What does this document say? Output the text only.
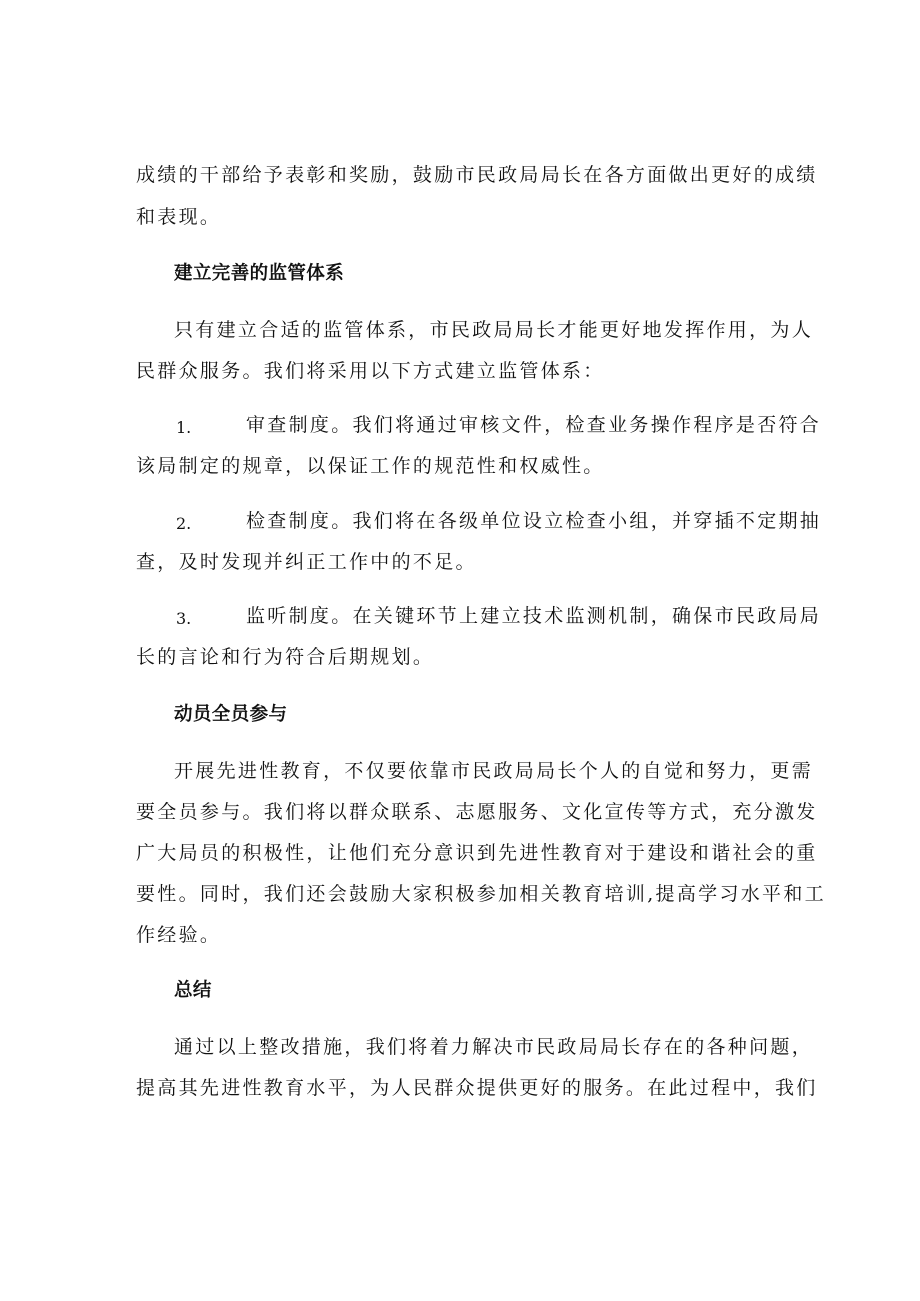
成绩的干部给予表彰和奖励，鼓励市民政局局长在各方面做出更好的成绩

和表现。

建立完善的监管体系

只有建立合适的监管体系，市民政局局长才能更好地发挥作用，为人

民群众服务。我们将采用以下方式建立监管体系：

1.	审查制度。我们将通过审核文件，检查业务操作程序是否符合

该局制定的规章，以保证工作的规范性和权威性。

2.	检查制度。我们将在各级单位设立检查小组，并穿插不定期抽

查，及时发现并纠正工作中的不足。

3.	监听制度。在关键环节上建立技术监测机制，确保市民政局局

长的言论和行为符合后期规划。

动员全员参与

开展先进性教育，不仅要依靠市民政局局长个人的自觉和努力，更需

要全员参与。我们将以群众联系、志愿服务、文化宣传等方式，充分激发

广大局员的积极性，让他们充分意识到先进性教育对于建设和谐社会的重

要性。同时，我们还会鼓励大家积极参加相关教育培训,提高学习水平和工

作经验。

总结

通过以上整改措施，我们将着力解决市民政局局长存在的各种问题，

提高其先进性教育水平，为人民群众提供更好的服务。在此过程中，我们
